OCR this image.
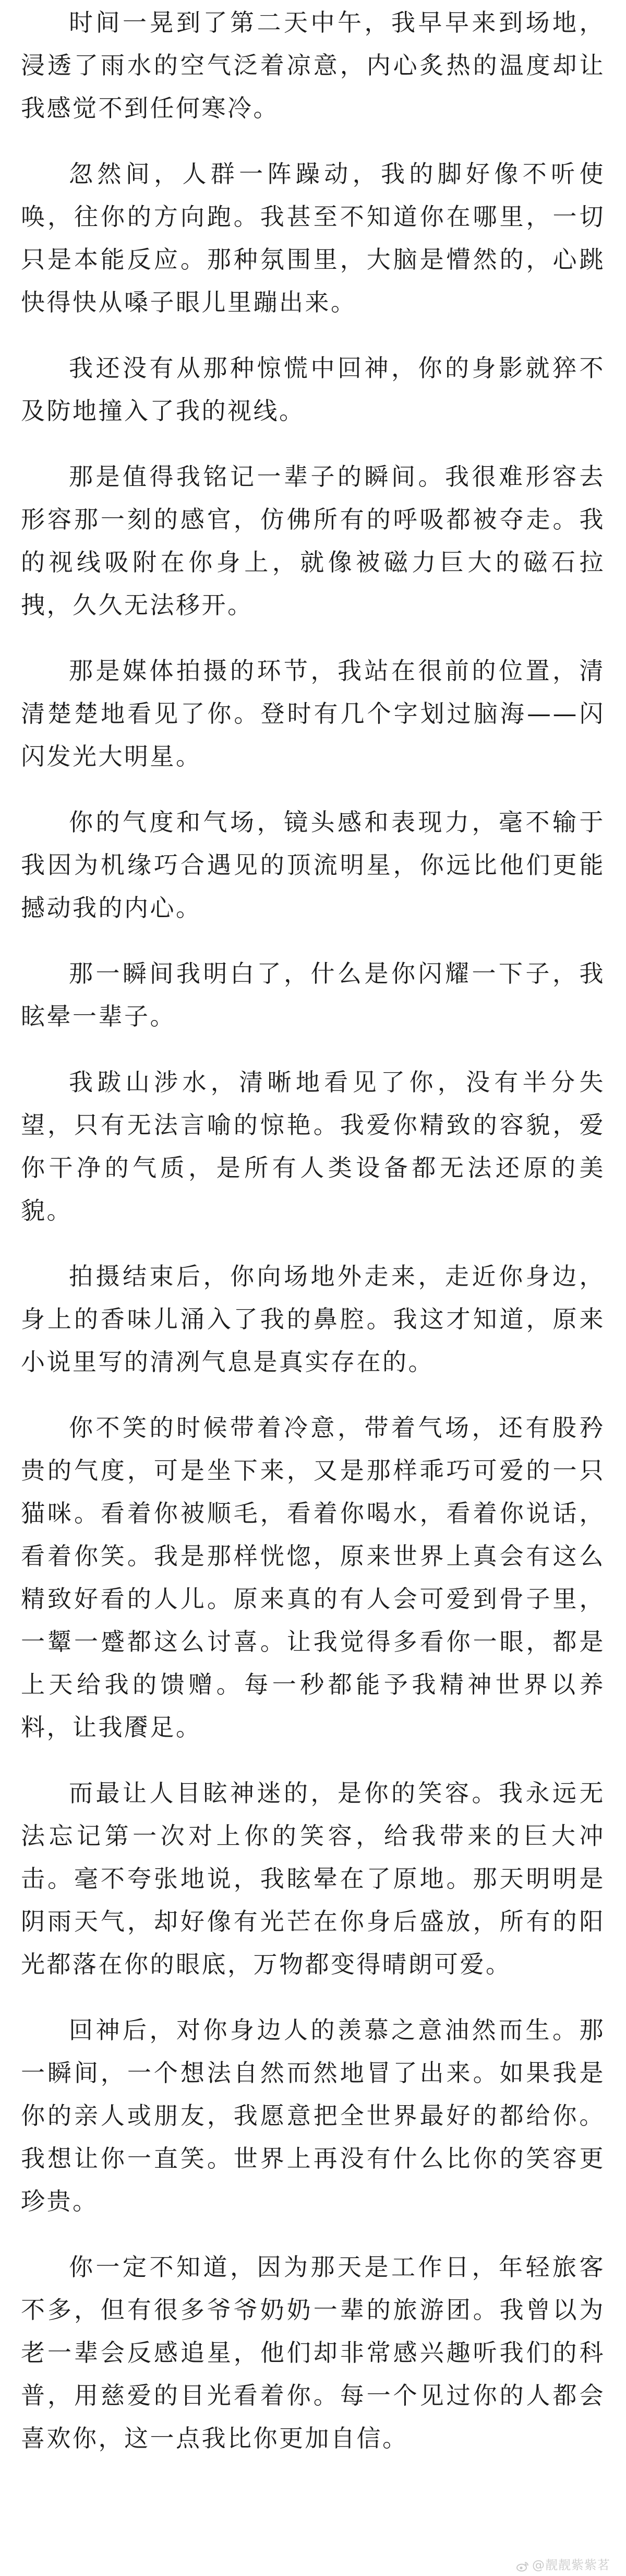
时间一晃到了第二天中午，我早早来到场地，浸透了雨水的空气泛着凉意，内心炙热的温度却让我感觉不到任何寒冷。

忽然间，人群一阵躁动，我的脚好像不听使唤，往你的方向跑。我甚至不知道你在哪里，一切只是本能反应。那种氛围里，大脑是懵然的，心跳快得快从嗓子眼儿里蹦出来。

我还没有从那种惊慌中回神，你的身影就猝不及防地撞入了我的视线。

那是值得我铭记一辈子的瞬间。我很难形容去形容那一刻的感官，仿佛所有的呼吸都被夺走。我的视线吸附在你身上，就像被磁力巨大的磁石拉拽，久久无法移开。

那是媒体拍摄的环节，我站在很前的位置，清清楚楚地看见了你。登时有几个字划过脑海——闪闪发光大明星。

你的气度和气场，镜头感和表现力，毫不输于我因为机缘巧合遇见的顶流明星，你远比他们更能撼动我的内心。

那一瞬间我明白了，什么是你闪耀一下子，我眩晕一辈子。

我跋山涉水，清晰地看见了你，没有半分失望，只有无法言喻的惊艳。我爱你精致的容貌，爱你干净的气质，是所有人类设备都无法还原的美貌。

拍摄结束后，你向场地外走来，走近你身边，身上的香味儿涌入了我的鼻腔。我这才知道，原来小说里写的清冽气息是真实存在的。

你不笑的时候带着冷意，带着气场，还有股矜贵的气度，可是坐下来，又是那样乖巧可爱的一只猫咪。看着你被顺毛，看着你喝水，看着你说话，看着你笑。我是那样恍惚，原来世界上真会有这么精致好看的人儿。原来真的有人会可爱到骨子里，一颦一蹙都这么讨喜。让我觉得多看你一眼，都是上天给我的馈赠。每一秒都能予我精神世界以养料，让我餍足。

而最让人目眩神迷的，是你的笑容。我永远无法忘记第一次对上你的笑容，给我带来的巨大冲击。毫不夸张地说，我眩晕在了原地。那天明明是阴雨天气，却好像有光芒在你身后盛放，所有的阳光都落在你的眼底，万物都变得晴朗可爱。

回神后，对你身边人的羡慕之意油然而生。那一瞬间，一个想法自然而然地冒了出来。如果我是你的亲人或朋友，我愿意把全世界最好的都给你。我想让你一直笑。世界上再没有什么比你的笑容更珍贵。

你一定不知道，因为那天是工作日，年轻旅客不多，但有很多爷爷奶奶一辈的旅游团。我曾以为老一辈会反感追星，他们却非常感兴趣听我们的科普，用慈爱的目光看着你。每一个见过你的人都会喜欢你，这一点我比你更加自信。

@靓靓紫紫茗
